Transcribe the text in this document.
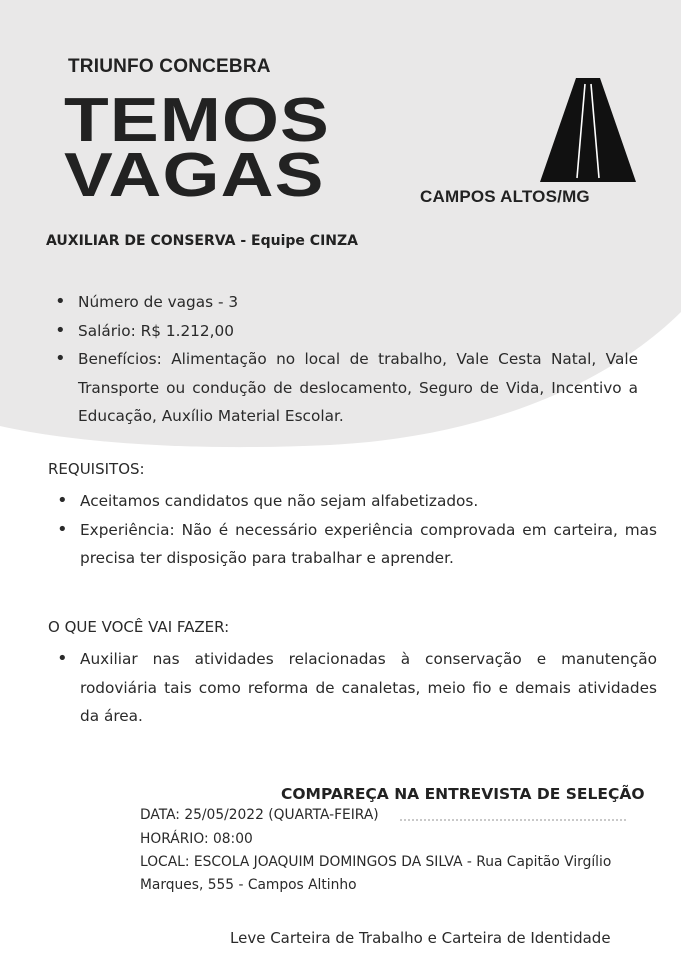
TRIUNFO CONCEBRA
TEMOS
VAGAS	CAMPOS ALTOS/MG
AUXILIAR DE CONSERVA - Equipe CINZA
• Número de vagas - 3
• Salário: R$ 1.212,00
• Benefícios: Alimentação no local de trabalho, Vale Cesta Natal, Vale Transporte ou condução de deslocamento, Seguro de Vida, Incentivo a Educação, Auxílio Material Escolar.
REQUISITOS:
• Aceitamos candidatos que não sejam alfabetizados.
• Experiência: Não é necessário experiência comprovada em carteira, mas precisa ter disposição para trabalhar e aprender.
O QUE VOCÊ VAI FAZER:
• Auxiliar nas atividades relacionadas à conservação e manutenção rodoviária tais como reforma de canaletas, meio fio e demais atividades da área.
COMPAREÇA NA ENTREVISTA DE SELEÇÃO
DATA: 25/05/2022 (QUARTA-FEIRA)
HORÁRIO: 08:00
LOCAL: ESCOLA JOAQUIM DOMINGOS DA SILVA - Rua Capitão Virgílio
Marques, 555 - Campos Altinho
Leve Carteira de Trabalho e Carteira de Identidade
